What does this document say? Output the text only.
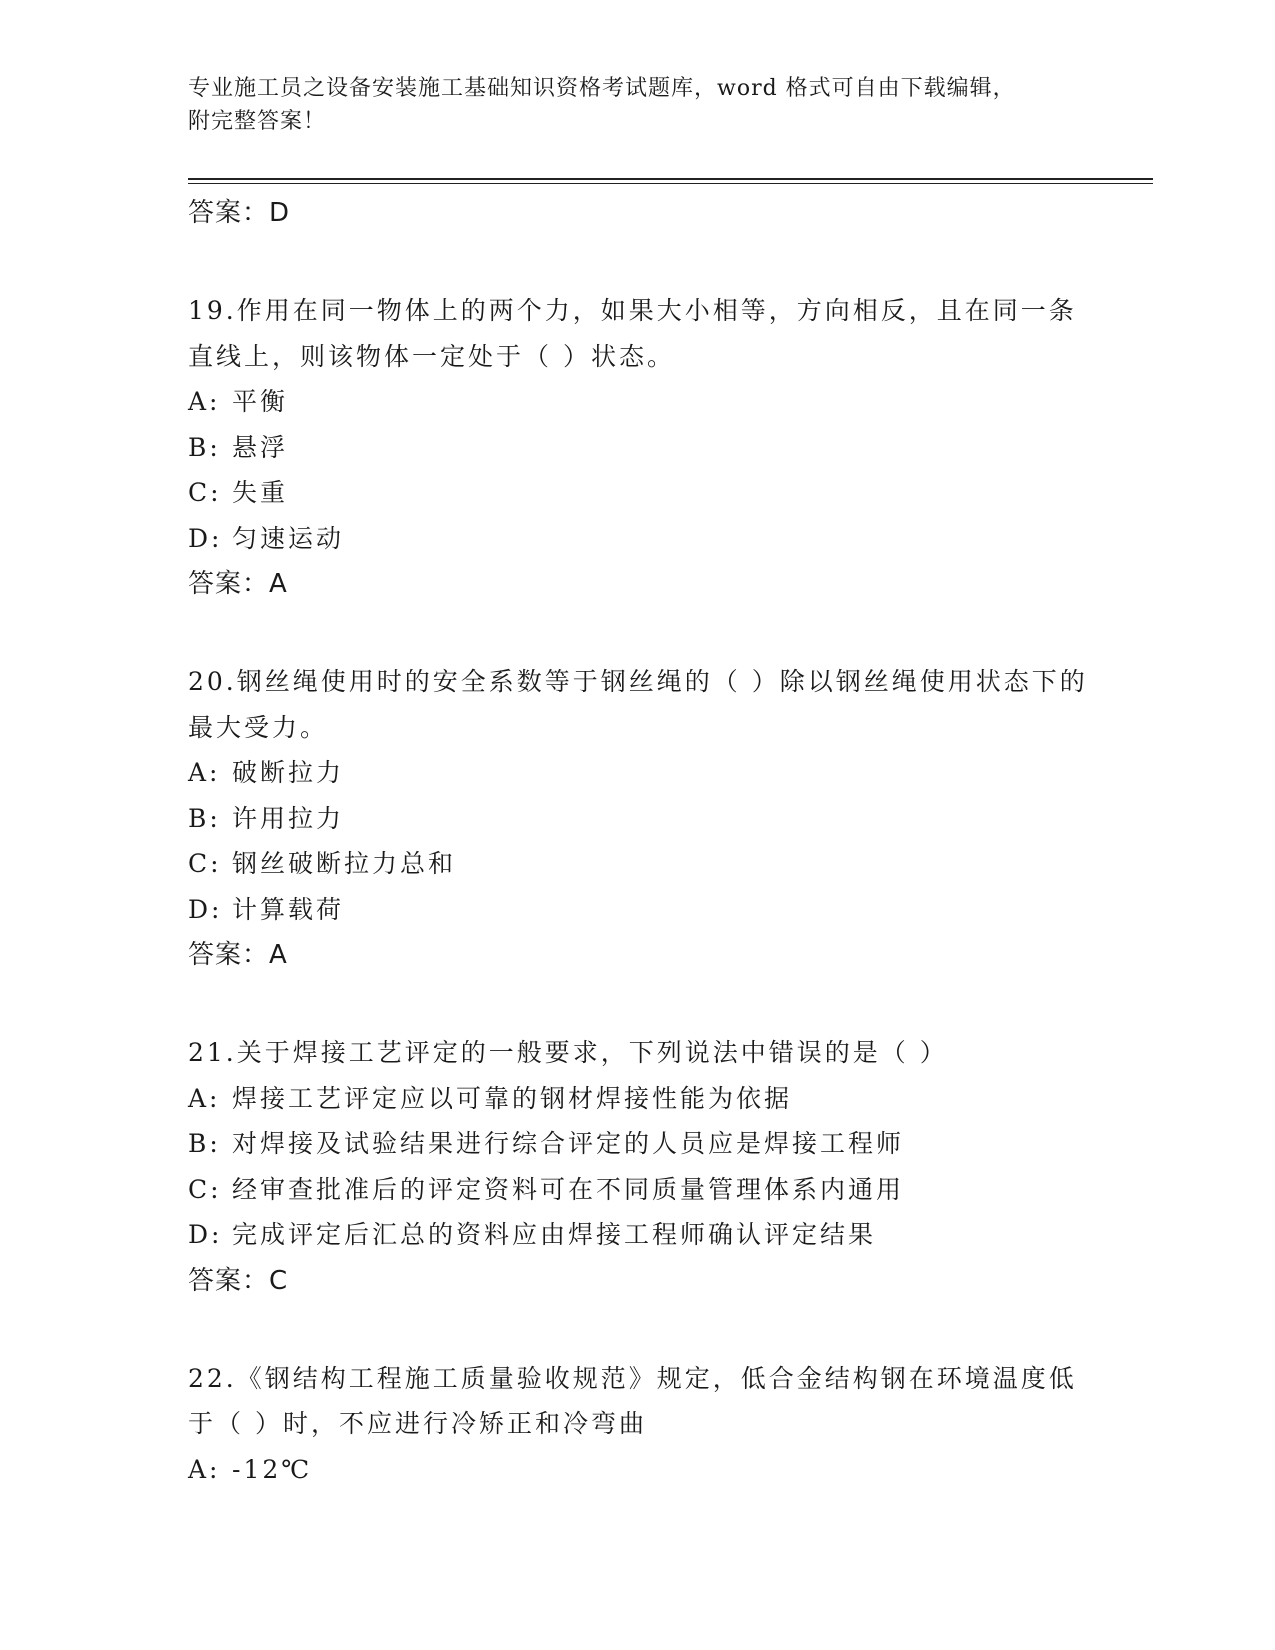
专业施工员之设备安装施工基础知识资格考试题库，word 格式可自由下载编辑，
附完整答案！
答案：D
19.作用在同一物体上的两个力，如果大小相等，方向相反，且在同一条直线上，则该物体一定处于（ ）状态。
A: 平衡
B: 悬浮
C: 失重
D: 匀速运动
答案：A
20.钢丝绳使用时的安全系数等于钢丝绳的（ ）除以钢丝绳使用状态下的最大受力。
A: 破断拉力
B: 许用拉力
C: 钢丝破断拉力总和
D: 计算载荷
答案：A
21.关于焊接工艺评定的一般要求，下列说法中错误的是（ ）
A: 焊接工艺评定应以可靠的钢材焊接性能为依据
B: 对焊接及试验结果进行综合评定的人员应是焊接工程师
C: 经审查批准后的评定资料可在不同质量管理体系内通用
D: 完成评定后汇总的资料应由焊接工程师确认评定结果
答案：C
22.《钢结构工程施工质量验收规范》规定，低合金结构钢在环境温度低于（ ）时，不应进行冷矫正和冷弯曲
A: -12℃
